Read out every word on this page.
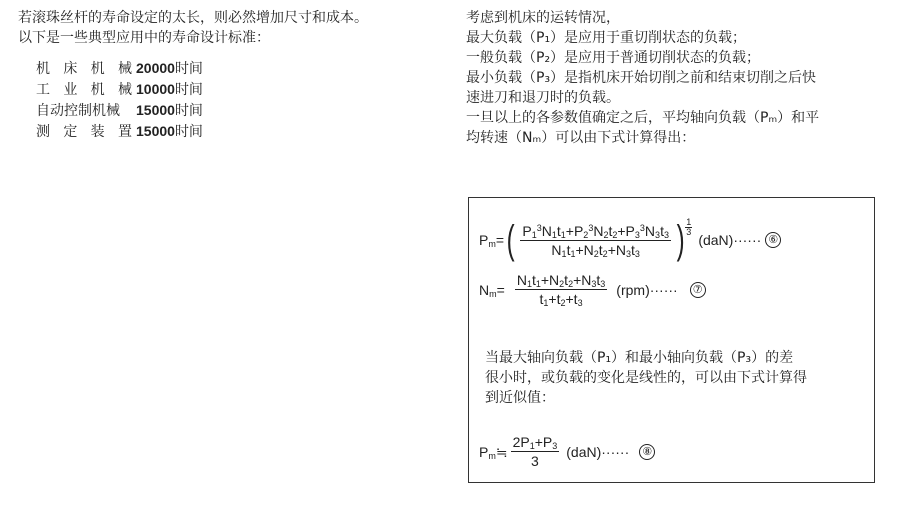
若滚珠丝杆的寿命设定的太长，则必然增加尺寸和成本。
以下是一些典型应用中的寿命设计标准：
机 床 机 械 20000 时间
工 业 机 械 10000 时间
自动控制机械 15000 时间
测 定 装 置 15000 时间
考虑到机床的运转情况，
最大负载（P₁）是应用于重切削状态的负载；
一般负载（P₂）是应用于普通切削状态的负载；
最小负载（P₃）是指机床开始切削之前和结束切削之后快
速进刀和退刀时的负载。
一旦以上的各参数值确定之后，平均轴向负载（Pₘ）和平
均转速（Nₘ）可以由下式计算得出：
$P_m=$ ( $\frac{P_1^3N_1t_1+P_2^3N_2t_2+P_3^3N_3t_3}{N_1t_1+N_2t_2+N_3t_3}$ ) 1
3
(daN)······ ⑥
$N_m= \frac{N_1t_1+N_2t_2+N_3t_3}{t_1+t_2+t_3} (rpm)\cdot\cdot\cdot\cdot\cdot\cdot$ ⑦
当最大轴向负载（P₁）和最小轴向负载（P₃）的差
很小时，或负载的变化是线性的，可以由下式计算得
到近似值：
$P_m≒ \frac{2P_1+P_3}{3} (daN)\cdot\cdot\cdot\cdot\cdot\cdot$ ⑧
